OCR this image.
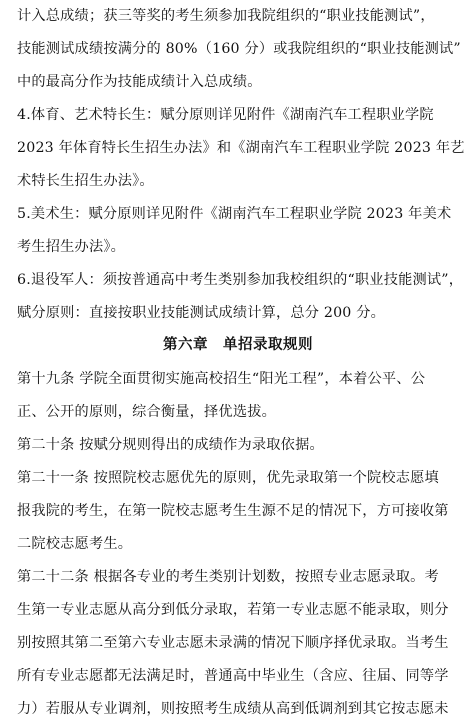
计入总成绩；获三等奖的考生须参加我院组织的“职业技能测试”，
技能测试成绩按满分的 80%（160 分）或我院组织的“职业技能测试”
中的最高分作为技能成绩计入总成绩。
4.体育、艺术特长生：赋分原则详见附件《湖南汽车工程职业学院
2023 年体育特长生招生办法》和《湖南汽车工程职业学院 2023 年艺
术特长生招生办法》。
5.美术生：赋分原则详见附件《湖南汽车工程职业学院 2023 年美术
考生招生办法》。
6.退役军人：须按普通高中考生类别参加我校组织的“职业技能测试”，
赋分原则：直接按职业技能测试成绩计算，总分 200 分。
第六章　单招录取规则
第十九条 学院全面贯彻实施高校招生“阳光工程”，本着公平、公
正、公开的原则，综合衡量，择优选拔。
第二十条 按赋分规则得出的成绩作为录取依据。
第二十一条 按照院校志愿优先的原则，优先录取第一个院校志愿填
报我院的考生，在第一院校志愿考生生源不足的情况下，方可接收第
二院校志愿考生。
第二十二条 根据各专业的考生类别计划数，按照专业志愿录取。考
生第一专业志愿从高分到低分录取，若第一专业志愿不能录取，则分
别按照其第二至第六专业志愿未录满的情况下顺序择优录取。当考生
所有专业志愿都无法满足时，普通高中毕业生（含应、往届、同等学
力）若服从专业调剂，则按照考生成绩从高到低调剂到其它按志愿未
